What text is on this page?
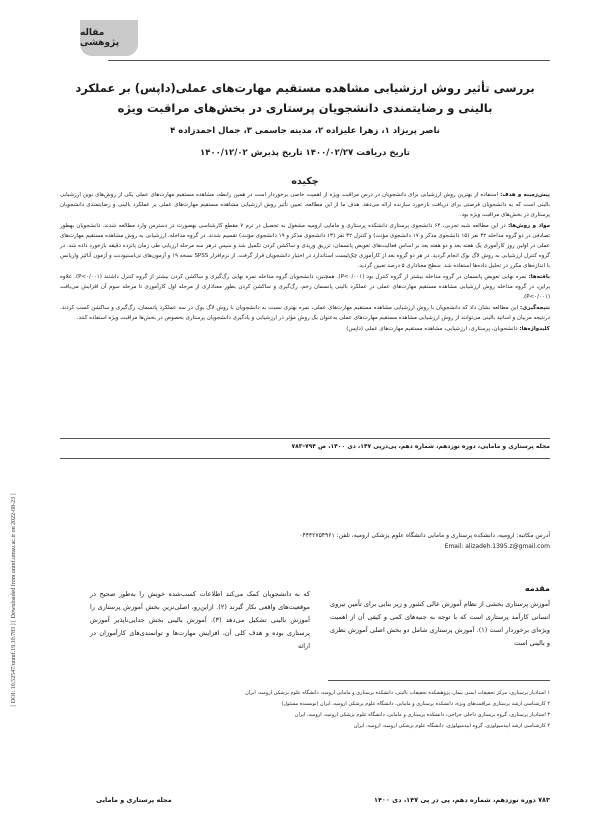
مقاله پژوهشی
بررسی تأثیر روش ارزشیابی مشاهده مستقیم مهارت‌های عملی(داپس) بر عملکرد
بالینی و رضایتمندی دانشجویان پرستاری در بخش‌های مراقبت ویژه
ناصر پریزاد ۱، زهرا علیزاده ۲، مدینه جاسمی ۳، جمال احمدزاده ۴
تاریخ دریافت ۱۴۰۰/۰۲/۲۷ تاریخ پذیرش ۱۴۰۰/۱۲/۰۲
چکیده

پیش‌زمینه و هدف: استفاده از بهترین روش ارزشیابی برای دانشجویان در درس مراقبت ویژه از اهمیت خاصی برخوردار است در همین رابطه، مشاهده مستقیم مهارت‌های عملی یکی از روش‌های نوین ارزشیابی بالینی است که به دانشجویان فرصتی برای دریافت بازخورد سازنده ارائه می‌دهد. هدف ما از این مطالعه، تعیین تأثیر روش ارزشیابی مشاهده مستقیم مهارت‌های عملی بر عملکرد بالینی و رضایتمندی دانشجویان پرستاری در بخش‌های مراقبت ویژه بود.

مواد و روش‌ها: در این مطالعه شبه تجربی، ۶۴ دانشجوی پرستاری دانشکده پرستاری و مامایی ارومیه مشغول به تحصیل در ترم ۷ مقطع کارشناسی بهصورت در دسترس وارد مطالعه شدند. دانشجویان بهطور تصادفی در دو گروه مداخله ۳۲ نفر (۱۵ دانشجوی مذکر و ۱۷ دانشجوی مؤنث) و کنترل ۳۲ نفر (۱۳ دانشجوی مذکر و ۱۹ دانشجوی مؤنث) تقسیم شدند. در گروه مداخله، ارزشیابی به روش مشاهده مستقیم مهارت‌های عملی در اولین روز کارآموزی یک هفته بعد و دو هفته بعد بر اساس فعالیت‌های تعویض پانسمان، تزریق وریدی و ساکشن کردن تکمیل شد و سپس درهر سه مرحله ارزیابی طی زمان پانزده دقیقه بازخورد داده شد. در گروه کنترل ارزشیابی به روش لاگ بوک انجام گردید. در هر دو گروه بعد از کارآموزی چک‌لیست استاندارد در اختیار دانشجویان قرار گرفت. از نرم‌افزار SPSS نسخه ۱۹ و آزمون‌های تی‌استیودنت و آزمون آنالیز واریانس با اندازه‌های مکرر در تحلیل داده‌ها استفاده شد. سطح معناداری ۵ درصد تعیین گردید.

یافته‌ها: نمره نهایی تعویض پانسمان در گروه مداخله بیشتر از گروه کنترل بود (P<۰/۰۰۱). همچنین، دانشجویان گروه مداخله نمره نهایی رگ‌گیری و ساکشن کردن بیشتر از گروه کنترل داشتند (P<۰/۰۰۱). علاوه براین، در گروه مداخله روش ارزشیابی مشاهده مستقیم مهارت‌های عملی در عملکرد بالینی پانسمان زخم، رگ‌گیری و ساکشن کردن بطور معناداری از مرحله اول کارآموزی تا مرحله سوم آن افزایش می‌یافت (P<۰/۰۰۱).

نتیجه‌گیری: این مطالعه نشان داد که دانشجویان با روش ارزشیابی مشاهده مستقیم مهارت‌های عملی، نمره بهتری نسبت به دانشجویان با روش لاگ بوک در سه عملکرد پانسمان، رگ‌گیری و ساکشن کسب کردند. درنتیجه مربیان و اساتید بالینی می‌توانند از روش ارزشیابی مشاهده مستقیم مهارت‌های عملی به‌عنوان یک روش مؤثر در ارزشیابی و یادگیری دانشجویان پرستاری بخصوص در بخش‌ها مراقبت ویژه استفاده کنند.

کلیدواژه‌ها: دانشجویان، پرستاری، ارزشیابی، مشاهده مستقیم مهارت‌های عملی (داپس)

مجله پرستاری و مامایی، دوره نوزدهم، شماره دهم، پی‌درپی ۱۴۷، دی ۱۴۰۰، ص ۷۹۴-۷۸۳
آدرس مکاتبه: ارومیه، دانشکده پرستاری و مامایی دانشگاه علوم پزشکی ارومیه، تلفن: ۰۴۴۳۲۷۵۴۹۶۱
Email: alizadeh.1395.z@gmail.com
مقدمه
آموزش پرستاری بخشی از نظام آموزش عالی کشور و زیر بنایی برای تأمین نیروی انسانی کارآمد پرستاری است که با توجه به جنبه‌های کمی و کیفی آن از اهمیت ویژه‌ای برخوردار است (۱). آموزش پرستاری شامل دو بخش اصلی آموزش نظری و بالینی است
که به دانشجویان کمک می‌کند اطلاعات کسب‌شده خویش را به‌طور صحیح در موقعیت‌های واقعی بکار گیرند (۲). ازاین‌رو، اصلی‌ترین بخش آموزش پرستاری را آموزش بالینی تشکیل می‌دهد (۳). آموزش بالینی بخش جدایی‌ناپذیر آموزش پرستاری بوده و هدف کلی آن، افزایش مهارت‌ها و توانمندی‌های کارآموزان در ارائه
۱ استادیار پرستاری، مرکز تحقیقات ایمنی بیمار، پژوهشکده تحقیقات بالینی، دانشکده پرستاری و مامایی ارومیه، دانشگاه علوم پزشکی ارومیه، ایران
۲ کارشناسی ارشد پرستاری مراقبت‌های ویژه، دانشکده پرستاری و مامایی، دانشگاه علوم پزشکی ارومیه، ایران (نویسنده مسئول)
۳ استادیار پرستاری، گروه پرستاری داخلی جراحی، دانشکده پرستاری و مامایی، دانشگاه علوم پزشکی ارومیه، ارومیه، ایران
۴ کارشناسی ارشد اپیدمیولوژی، گروه اپیدمیولوژی، دانشگاه علوم پزشکی ارومیه، ارومیه، ایران
۷۸۳ دوره نوزدهم، شماره دهم، پی در پی ۱۴۷، دی ۱۴۰۰
مجله پرستاری و مامایی
[ DOI: 10.52547/unmf.19.10.783 ] [ Downloaded from unmf.umsu.ac.ir on 2022-08-23 ]
